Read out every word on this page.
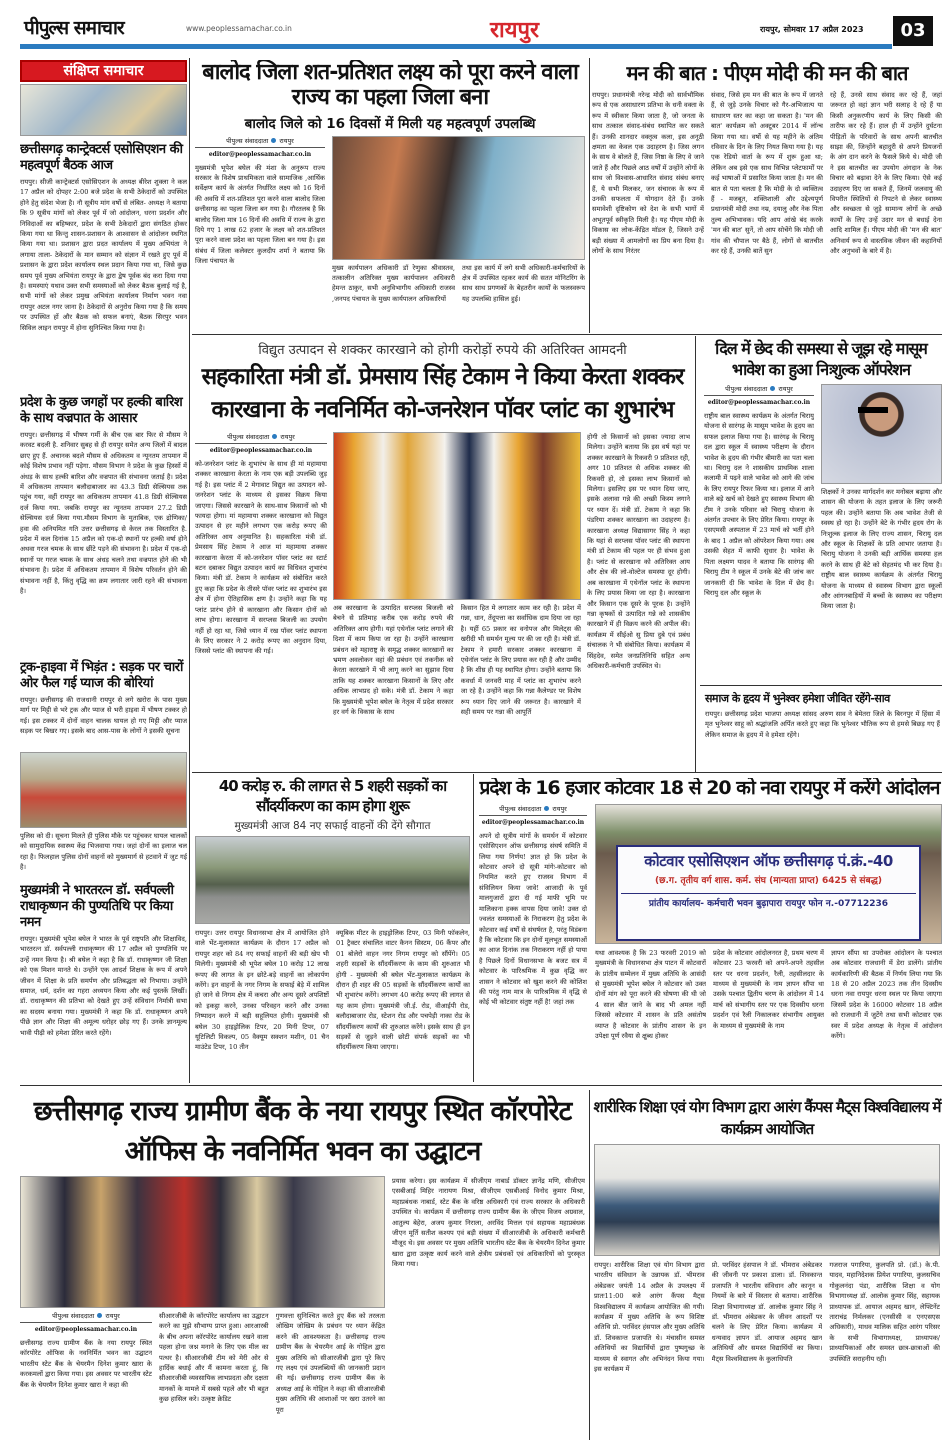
पीपुल्स समाचार	www.peoplessamachar.co.in	रायपुर	रायपुर, सोमवार 17 अप्रैल 2023	03
संक्षिप्त समाचार
छत्तीसगढ़ कान्ट्रेक्टर्स एसोसिएशन की महत्वपूर्ण बैठक आज
रायपुर। सीजी कान्ट्रेक्टर्स एसोसिएशन के अध्यक्ष बीरेश शुक्ला ने कल 17 अप्रैल को दोपहर 2:00 बजे प्रदेश के सभी ठेकेदारों को उपस्थित होने हेतु संदेश भेजा है। नौ सूत्रीय मांग वर्षो से लंबित- अध्यक्ष ने बताया कि 9 सूत्रीय मांगों को लेकर पूर्व में जो आंदोलन, धरना प्रदर्शन और निविदाओं का बहिष्कार, प्रदेश के सभी ठेकेदारों द्वारा संगठित होकर किया गया था किन्तु शासन-प्रशासन के आश्वासन से आंदोलन स्थगित किया गया था। प्रशासन द्वारा प्रदत कार्यालय में मुख्य अभियंता ने लगाया ताला- ठेकेदारों के मान सम्मान को संज्ञान में रखते हुए पूर्व में प्रशासन के द्वारा प्रदेश कार्यालय स्थल प्रदान किया गया था, जिसे कुछ समय पूर्व मुख्य अभियंता रायपुर के द्वारा द्वेष पूर्वक बंद करा दिया गया है। समस्याएं यथाव उक्त सभी समस्याओं को लेकर बैठक बुलाई गई है, सभी मांगों को लेकर प्रमुख अभियंता कार्यालय निर्माण भवन नवा रायपुर अटल नगर जाना है। ठेकेदारों से अनुरोध किया गया है कि समय पर उपस्थित हों और बैठक को सफल बनाएं, बैठक सिरपुर भवन सिविल लाइन रायपुर में होना सुनिश्चित किया गया है।
प्रदेश के कुछ जगहों पर हल्की बारिश के साथ वज्रपात के आसार
रायपुर। छत्तीसगढ़ में भीषण गर्मी के बीच एक बार फिर से मौसम ने करवट बदली है. शनिवार सुबह से ही रायपुर समेत अन्य जिलों में बादल छाए हुए हैं. अचानक बदले मौसम से अधिकतम व न्यूनतम तापमान में कोई विशेष प्रभाव नहीं पड़ेगा. मौसम विभाग ने प्रदेश के कुछ हिस्सों में अंधड़ के साथ हल्की बारिश और वज्रपात की संभावना जताई है। प्रदेश में अधिकतम तापमान बलौदाबाजार का 43.3 डिग्री सेल्सियस तक पहुंच गया, वहीं रायपुर का अधिकतम तापमान 41.8 डिग्री सेल्सियस दर्ज किया गया. जबकि रायपुर का न्यूनतम तापमान 27.2 डिग्री सेल्सियस दर्ज किया गया.मौसम विभाग के मुताबिक, एक द्रोणिका/ हवा की अनियमित गति उत्तर छत्तीसगढ़ से केरल तक विस्तारित है. प्रदेश में कल दिनांक 15 अप्रैल को एक-दो स्थानों पर हल्की वर्षा होने अथवा गरज चमक के साथ छींटे पड़ने की संभावना है। प्रदेश में एक-दो स्थानों पर गरज चमक के साथ अंधड़ चलने तथा वज्रपात होने की भी संभावना है। प्रदेश में अधिकतम तापमान में विशेष परिवर्तन होने की संभावना नहीं है, किंतु वृद्धि का क्रम लगातार जारी रहने की संभावना है।
ट्रक-हाइवा में भिड़ंत : सड़क पर चारों ओर फैल गई प्याज की बोरियां
रायपुर। छत्तीसगढ़ की राजधानी रायपुर से लगे खरोरा के पास मुख्य मार्ग पर मिट्टी से भरे ट्रक और प्याज से भरी हाइवा में भीषण टक्कर हो गई। इस टक्कर में दोनों वाहन चालक घायल हो गए मिट्टी और प्याज सड़क पर बिखर गए। इसके बाद आस-पास के लोगों ने इसकी सूचना
पुलिस को दी। सूचना मिलते ही पुलिस मौके पर पहुंचकर घायल चालकों को सामुदायिक स्वास्थ्य केंद्र भिजवाया गया। जहां दोनों का इलाज चल रहा है। फिलहाल पुलिस दोनों वाहनों को मुख्यमार्ग से हटवाने में जुट गई है।
मुख्यमंत्री ने भारतरत्न डॉ. सर्वपल्ली राधाकृष्णन की पुण्यतिथि पर किया नमन
रायपुर। मुख्यमंत्री भूपेश बघेल ने भारत के पूर्व राष्ट्रपति और शिक्षाविद, भारतरत्न डॉ. सर्वपल्ली राधाकृष्णन की 17 अप्रैल को पुण्यतिथि पर उन्हें नमन किया है। श्री बघेल ने कहा है कि डॉ. राधाकृष्णन जी शिक्षा को एक मिशन मानते थे। उन्होंने एक आदर्श शिक्षक के रूप में अपने जीवन में शिक्षा के प्रति समर्पण और प्रतिबद्धता को निभाया। उन्होंने समाज, धर्म, दर्शन का गहरा अध्ययन किया और कई पुस्तकें लिखीं। डॉ. राधाकृष्णन की प्रतिभा को देखते हुए उन्हें संविधान निर्मात्री सभा का सदस्य बनाया गया। मुख्यमंत्री ने कहा कि डॉ. राधाकृष्णन अपने पीछे ज्ञान और शिक्षा की अमूल्य धरोहर छोड़ गए हैं। उनके ज्ञानमूल्य भावी पीढ़ी को हमेशा प्रेरित करते रहेंगे।
बालोद जिला शत-प्रतिशत लक्ष्य को पूरा करने वाला राज्य का पहला जिला बना
बालोद जिले को 16 दिवसों में मिली यह महत्वपूर्ण उपलब्धि
पीपुल्स संवाददाता रायपुर
editor@peoplessamachar.co.in
मुख्यमंत्री भूपेश बघेल की मंशा के अनुरूप राज्य सरकार के विशेष प्राथमिकता वाले सामाजिक ,आर्थिक सर्वेक्षण कार्य के अंतर्गत निर्धारित लक्ष्य को 16 दिनों की अवधि में शत-प्रतिशत पूरा करने वाला बालोद जिला छत्तीसगढ़ का पहला जिला बन गया है। गौरतलब है कि बालोद जिला मात्र 16 दिनों की अवधि में राज्य के द्वारा दिये गए 1 लाख 62 हजार के लक्ष्य को शत-प्रतिशत पूरा करने वाला प्रदेश का पहला जिला बन गया है। इस संबंध में जिला कलेक्टर कुलदीप शर्मा ने बताया कि जिला पंचायत के
मुख्य कार्यपालन अधिकारी डॉ रेणुका श्रीवास्तव, तत्कालीन अतिरिक्त मुख्य कार्यपालन अधिकारी हेमन्त ठाकुर, सभी अनुविभागीय अधिकारी राजस्व ,जनपद पंचायत के मुख्य कार्यपालन अधिकारियों
तथा इस कार्य में लगे सभी अधिकारी-कर्मचारियों के क्षेत्र में उपस्थित रहकर कार्य की सतत मॉनिटरिंग के साथ साथ प्रगणकों के बेहतरीन कार्यों के फलस्वरूप यह उपलब्धि हासिल हुई।
मन की बात : पीएम मोदी की मन की बात
रायपुर। प्रधानमंत्री नरेन्द्र मोदी को सार्वभौमिक रूप से एक असाधारण प्रतिभा के धनी वक्ता के रूप में स्वीकार किया जाता है, जो जनता के साथ तत्काल संवाद-संबंध स्थापित कर सकते हैं। उनकी शानदार वक्तृत्व कला, इस अनूठी क्षमता का केवल एक उदाहरण है। जिस लगन के साथ वे बोलते हैं, जिस निष्ठा के लिए वे जाने जाते हैं और पिछले आठ वर्षों में उन्होंने लोगों के साथ जो विश्वास-आधारित संवाद संबंध बनाए हैं, ये सभी मिलकर, जन संचारक के रूप में उनकी सफलता में योगदान देते हैं। उनके समावेशी दृष्टिकोण को देश के सभी भागों में अभूतपूर्व स्वीकृति मिली है। यह पीएम मोदी के विकास का लोक-केंद्रित मॉडल है, जिसने उन्हें बड़ी संख्या में आमलोगों का प्रिय बना दिया है। लोगों के साथ निरंतर
संवाद, जिसे हम मन की बात के रूप में जानते हैं, से जुड़े उनके विचार को गैर-अभिजात्य या साधारण स्तर का कहा जा सकता है। 'मन की बात' कार्यक्रम को अक्टूबर 2014 में लॉन्च किया गया था। वर्षो से यह महीने के अंतिम रविवार के दिन के लिए नियत किया गया है। यह एक रेडियो वार्ता के रूप में शुरू हुआ था; लेकिन अब इसे एक साथ विभिन्न प्लेटफार्मों पर कई भाषाओं में प्रसारित किया जाता है। मन की बात से पता चलता है कि मोदी के दो व्यक्तित्व हैं - मजबूत, शक्तिशाली और उद्देश्यपूर्ण प्रधानमंत्री मोदी तथा नम्र, दयालु और नेक पिता तुल्य अभिभावक। यदि आप आंखे बंद करके 'मन की बात' सुनें, तो आप सोचेंगे कि मोदी जी गांव की चौपाल पर बैठे हैं, लोगों से बातचीत कर रहे हैं, उनकी बातें सुन
रहे हैं, उनसे साथ संवाद कर रहे हैं, जहां जरूरत हो वहां ज्ञान भरी सलाह दे रहे हैं या किसी अनुकरणीय कार्य के लिए किसी की तारीफ कर रहे हैं। हाल ही में उन्होंने दुर्घटना पीड़ितों के परिवारों के साथ अपनी बातचीत साझा की, जिन्होंने बहादुरी से अपने प्रियजनों के अंग दान करने के फैसले किये थे। मोदी जी ने इस बातचीत का उपयोग अंगदान के नेक विचार को बढ़ावा देने के लिए किया। ऐसे कई उदाहरण दिए जा सकते हैं, जिनमें जलवायु की विपरीत स्थितियों से निपटने से लेकर स्वास्थ्य और स्वच्छता से जुड़े सामान्य लोगों के अच्छे कार्यों के लिए उन्हें उदार मन से बधाई देना आदि शामिल हैं। पीएम मोदी की 'मन की बात' अनिवार्य रूप से वास्तविक जीवन की कहानियों और अनुभवों के बारे में है।
विद्युत उत्पादन से शक्कर कारखाने को होगी करोड़ों रुपये की अतिरिक्त आमदनी
सहकारिता मंत्री डॉ. प्रेमसाय सिंह टेकाम ने किया केरता शक्कर कारखाना के नवनिर्मित को-जनरेशन पॉवर प्लांट का शुभारंभ
पीपुल्स संवाददाता रायपुर
editor@peoplessamachar.co.in
को-जनरेशन प्लांट के शुभारंभ के साथ ही मां महामाया शक्कर कारखाना केरता के नाम एक बड़ी उपलब्धि जुड़ गई है। इस प्लांट में 2 मेगावाट विद्युत का उत्पादन को-जनरेशन प्लांट के माध्यम से इसका विक्रय किया जाएगा। जिससे कारखाने के साथ-साथ किसानों को भी फायदा होगा। मां महामाया शक्कर कारखाना को विद्युत उत्पादन से हर महीने लगभग एक करोड़ रूपए की अतिरिक्त आय अनुमानित है। सहकारिता मंत्री डॉ. प्रेमसाय सिंह टेकाम ने आज मां महामाया शक्कर कारखाना केरता में को-जनरेशन पॉवर प्लांट का स्टार्ट बटन दबाकर विद्युत उत्पादन कार्य का विधिवत शुभारंभ किया। मंत्री डॉ. टेकाम ने कार्यक्रम को संबोधित करते हुए कहा कि प्रदेश के तीसरे पॉवर प्लांट का शुभारंभ इस क्षेत्र में होना ऐतिहासिक क्षण है। उन्होंने कहा कि यह प्लांट प्रारंभ होने से कारखाना और किसान दोनों को लाभ होगा। कारखाना में सरप्लस बिजली का उपयोग नहीं हो रहा था, जिसे ध्यान में रख पॉवर प्लांट स्थापना के लिए सरकार ने 2 करोड़ रूपए का अनुदान दिया, जिससे प्लांट की स्थापना की गई।
अब कारखाना के उत्पादित सरप्लस बिजली को बेचने से प्रतिमाह करीब एक करोड़ रुपये की अतिरिक्त आय होगी। यहां एथेनॉल प्लांट लगाने की दिशा में काम किया जा रहा है। उन्होंने कारखाना प्रबंधन को महाराष्ट्र के समृद्ध शक्कर कारखानों का भ्रमण अवलोकन वहां की प्रबंधन एवं तकनीक को केरता कारखाने में भी लागू करने का सुझाव दिया ताकि यह शक्कर कारखाना किसानों के लिए और अधिक लाभप्रद हो सके। मंत्री डॉ. टेकाम ने कहा कि मुख्यमंत्री भूपेश बघेल के नेतृत्व में प्रदेश सरकार हर वर्ग के विकास के साथ
किसान हित मे लगातार काम कर रही है। प्रदेश में गन्ना, धान, तेंदूपत्ता का सर्वाधिक दाम दिया जा रहा है। यहीं 65 प्रकार का वनोपज और मिलेट्स की खरीदी भी समर्थन मूल्य पर की जा रही है। मंत्री डॉ. टेकाम ने हमारी सरकार शक्कर कारखाना में एथेनॉल प्लांट के लिए प्रयास कर रही है और उम्मीद है कि शीघ्र ही यह स्थापित होगा। उन्होंने बताया कि कवर्धा में जनवरी माह में प्लांट का शुभारंभ करने जा रहे है। उन्होंने कहा कि गन्ना कैलेण्डर पर विशेष रूप ध्यान दिए जाने की जरूरत है। कारखाने में सही समय पर गन्ना की आपूर्ति
होगी तो किसानों को इसका ज्यादा लाभ मिलेगा। उन्होंने बताया कि इस वर्ष यहां पर शक्कर कारखाने के रिकवरी 9 प्रतिशत रही, अगर 10 प्रतिशत से अधिक शक्कर की रिकवरी हो, तो इसका लाभ किसानों को मिलेगा। इसलिए इस पर ध्यान दिया जाए, इसके अलावा गन्ने की अच्छी किस्म लगाने पर ध्यान दें। मंत्री डॉ. टेकाम ने कहा कि पंडरिया शक्कर कारखाना का उदाहरण है। कारखाना अध्यक्ष विद्यासागर सिंह ने कहा कि यहां से सरप्लस पॉवर प्लांट की स्थापना मंत्री डॉ टेकाम की पहल पर ही संभव हुआ है। प्लांट से कारखाना को अतिरिक्त आय और क्षेत्र की लो-वोल्टेज समस्या दूर होगी। अब कारखाना में एथेनॉल प्लांट के स्थापना के लिए प्रयास किया जा रहा है। कारखाना और किसान एक दूसरे के पूरक है। उन्होंने गन्ना कृषकों से उत्पादित गन्ने को शासकीय कारखाने में ही विक्रय करने की अपील की। कार्यक्रम में सीईओ सु प्रिया दुबे एवं प्रबंध संचालक ने भी संबोधित किया। कार्यक्रम में सिंहदेव, समेत जनप्रतिनिधि सहित अन्य अधिकारी-कर्मचारी उपस्थित थे।
दिल में छेद की समस्या से जूझ रहे मासूम भावेश का हुआ निःशुल्क ऑपरेशन
पीपुल्स संवाददाता रायपुर
editor@peoplessamachar.co.in
राष्ट्रीय बाल स्वास्थ्य कार्यक्रम के अंतर्गत चिरायु योजना से सारंगढ़ के मासूम भावेश के हृदय का सफल इलाज किया गया है। सारंगढ़ के चिरायु दल द्वारा स्कूल में स्वास्थ्य परीक्षण के दौरान भावेश के हृदय की गंभीर बीमारी का पता चला था। चिरायु दल ने शासकीय प्राथमिक शाला कलामी में पढ़ने वाले भावेश को आगे की जांच के लिए रायपुर रिफर किया था। इलाज में आने वाले बड़े खर्च को देखते हुए स्वास्थ्य विभाग की टीम ने उनके परिवार को चिरायु योजना के अंतर्गत उपचार के लिए प्रेरित किया। रायपुर के एसएमसी अस्पताल में 23 मार्च को भर्ती होने के बाद 1 अप्रैल को ऑपरेशन किया गया। अब उसकी सेहत में काफी सुधार है। भावेश के पिता लक्ष्मण यादव ने बताया कि सारंगढ़ की चिरायु टीम ने स्कूल में उनके बेटे की जांच कर जानकारी दी कि भावेश के दिल में छेद है। चिरायु दल और स्कूल के
शिक्षकों ने उनका मार्गदर्शन कर मनोबल बढ़ाया और शासन की योजना के तहत इलाज के लिए जरूरी पहल की। उन्होंने बताया कि अब भावेश तेजी से स्वस्थ हो रहा है। उन्होंने बेटे के गंभीर हृदय रोग के निःशुल्क इलाज के लिए राज्य शासन, चिरायु दल और स्कूल के शिक्षकों के प्रति आभार जताया है। चिरायु योजना ने उनकी बड़ी आर्थिक समस्या हल करने के साथ ही बेटे को सेहतमंद भी कर दिया है। राष्ट्रीय बाल स्वास्थ्य कार्यक्रम के अंतर्गत चिरायु योजना के माध्यम से स्वास्थ्य विभाग द्वारा स्कूलों और आंगनबाड़ियों में बच्चों के स्वास्थ्य का परीक्षण किया जाता है।
समाज के हृदय में भुनेश्वर हमेशा जीवित रहेंगे-साव
रायपुर। छत्तीसगढ़ प्रदेश भाजपा अध्यक्ष सांसद अरुण साव ने बेमेतरा जिले के बिरनपुर में हिंसा में मृत भुनेश्वर साहू को श्रद्धांजलि अर्पित करते हुए कहा कि भुनेश्वर भौतिक रूप से हमसे बिछड़ गए हैं लेकिन समाज के हृदय में वे हमेशा रहेंगे।
40 करोड़ रु. की लागत से 5 शहरी सड़कों का सौंदर्यीकरण का काम होगा शुरू
मुख्यमंत्री आज 84 नए सफाई वाहनों की देंगे सौगात
रायपुर। उत्तर रायपुर विधानसभा क्षेत्र में आयोजित होने वाले भेंट-मुलाकात कार्यक्रम के दौरान 17 अप्रैल को रायपुर शहर को 84 नए सफाई वाहनों की बड़ी खेप भी मिलेगी। मुख्यमंत्री श्री भूपेश बघेल 10 करोड़ 12 लाख रूपए की लागत के इन छोटे-बड़े वाहनों का लोकार्पण करेंगे। इन वाहनों के नगर निगम के सफाई बेड़े में शामिल हो जाने से निगम क्षेत्र में कचरा और अन्य दूसरे अपशिष्टों को इकट्ठा करने, उनका परिवहन करने और उनका निष्पादन करने में बड़ी सहूलियत होगी। मुख्यमंत्री श्री बघेल 30 हाइड्रोलिक टिपर, 20 मिनी टिपर, 07 यूटिलिटी विकल्प, 05 वैक्यूम सक्शन मशीन, 01 चैन माउंटेड टिपर, 10 तीन
क्यूबिक मीटर के हाइड्रोलिक टिपर, 03 मिनी फॉकलेन, 01 ट्रैक्टर संचालित वाटर कैनन सिस्टम, 06 कैंपर और 01 बोलेरो वाहन नगर निगम रायपुर को सौंपेंगे। 05 शहरी सड़कों के सौंदर्यीकरण के काम की शुरुआत भी होगी - मुख्यमंत्री श्री बघेल भेंट-मुलाकात कार्यक्रम के दौरान ही शहर की 05 सड़कों के सौंदर्यीकरण कार्यों का भी शुभारंभ करेंगे। लगभग 40 करोड़ रूपए की लागत से यह काम होगा। मुख्यमंत्री जी.ई. रोड, वीआईपी रोड, बलौदाबाजार रोड, स्टेशन रोड और पचपेड़ी नाका रोड के सौंदर्यीकरण कार्यों की शुरुआत करेंगे। इसके साथ ही इन सड़कों से जुड़ने वाली छोटी संपर्क सड़कों का भी सौंदर्यीकरण किया जाएगा।
प्रदेश के 16 हजार कोटवार 18 से 20 को नवा रायपुर में करेंगे आंदोलन
पीपुल्स संवाददाता रायपुर
editor@peoplessamachar.co.in
अपने दो सूत्रीय मांगों के समर्थन में कोटवार एसोसिएशन ऑफ छत्तीसगढ़ संघर्ष समिति में लिया गया निर्णय! ज्ञात हो कि प्रदेश के कोटवार अपने दो सूत्री मांगेः-कोटवार को नियमित करते हुए राजस्व विभाग में संविलियन किया जावे! आजादी के पूर्व मालगुजारों द्वारा दी गई माफी भूमि पर मालिकाना हक्क वापस दिया जावे! उक्त दो ज्वलंत समस्याओं के निराकरण हेतु प्रदेश के कोटवार कई वर्षों से संघर्षरत है, परंतु विडंबना है कि कोटवार कि इन दोनों मूलभूत समस्याओं का आज दिनांक तक निराकरण नहीं हो पाया है पिछले दिनों विधानसभा के बजट सत्र में कोटवार के पारिश्रमिक में कुछ वृद्धि कर शासन ने कोटवार को खुश करने की कोशिश की परंतु नाम मात्र के पारिश्रमिक में वृद्धि से कोई भी कोटवार संतुष्ट नहीं है! जहां तक
कोटवार एसोसिएशन ऑफ छत्तीसगढ़ पं.क्रं.-40
(छ.ग. तृतीय वर्ग शास. कर्म. संघ (मान्यता प्राप्त) 6425 से संबद्ध)
प्रांतीय कार्यालय- कर्मचारी भवन बुढ़ापारा रायपुर फोन न.-07712236
यथा आवश्यक है कि 23 फरवरी 2019 को मुख्यमंत्री के विधानसभा क्षेत्र पाटन में कोटवारों के प्रांतीय सम्मेलन में मुख्य अतिथि के आसंदी से मुख्यमंत्री भूपेश बघेल ने कोटवार को उक्त दोनों मांग को पूरा करने की घोषणा की थी जो 4 साल बीत जाने के बाद भी अमल नहीं जिससे कोटवार में शासन के प्रति असंतोष व्याप्त है कोटवार के प्रांतीय शासन के इन उपेक्षा पूर्ण रवैया से क्षुब्ध होकर
प्रदेश के कोटवार आंदोलनरत है, प्रथम चरण में कोटवार 23 फरवरी को अपने-अपने तहसील स्तर पर धरना प्रदर्शन, रैली, तहसीलदार के माध्यम से मुख्यमंत्री के नाम ज्ञापन सौंपा था उसके पश्चात द्वितीय चरण के आंदोलन में 14 मार्च को संभागीय स्तर पर एक दिवसीय धरना प्रदर्शन एवं रैली निकालकर संभागीय आयुक्त के माध्यम से मुख्यमंत्री के नाम
ज्ञापन सौंपा था उपरोक्त आंदोलन के पश्चात अब कोटवार राजधानी में डेरा डालेंगे। प्रांतीय कार्यकारिणी की बैठक में निर्णय लिया गया कि 18 से 20 अप्रैल 2023 तक तीन दिवसीय धरना नवा रायपुर धरना स्थल पर किया जाएगा जिसमें प्रदेश के 16000 कोटवार 18 अप्रैल को राजधानी में जुटेंगे तथा सभी कोटवार एक स्वर में प्रदेश अध्यक्ष के नेतृत्व में आंदोलन करेंगे।
छत्तीसगढ़ राज्य ग्रामीण बैंक के नया रायपुर स्थित कॉरपोरेट ऑफिस के नवनिर्मित भवन का उद्घाटन
पीपुल्स संवाददाता रायपुर
editor@peoplessamachar.co.in
छत्तीसगढ़ राज्य ग्रामीण बैंक के नया रायपुर स्थित कॉरपोरेट ऑफिस के नवनिर्मित भवन का उद्घाटन भारतीय स्टेट बैंक के चेयरमैन दिनेश कुमार खारा के करकमलों द्वारा किया गया। इस अवसर पर भारतीय स्टेट बैंक के चेयरमैन दिनेश कुमार खारा ने कहा की
सीआरजीबी के कॉरपोरेट कार्यालय का उद्घाटन करने का मुझे सौभाग्य प्राप्त हुआ। आरआरबी के बीच अपना कॉरपोरेट कार्यालय रखने वाला पहला होना जश्न मनाने के लिए एक मील का पत्थर है। सीआरजीबी टीम को मेरी ओर से हार्दिक बधाई और मैं कामना करता हूं, कि सीआरजीबी व्यवसायिक लाभप्रदता और दक्षता मानकों के मामले में सबसे पहले और भी बहुत कुछ हासिल करे। उत्कृष्ट क्रेडिट
गुणवत्ता सुनिश्चित करते हुए बैंक को तरलता जोखिम जोखिम के प्रबंधन पर ध्यान केंद्रित करने की आवश्यकता है। छत्तीसगढ़ राज्य ग्रामीण बैंक के चेयरमैन आई के गोहिल द्वारा मुख्य अतिथि को सीआरजीबी द्वारा पूरे किए गए लक्ष्य एवं उपलब्धियों की जानकारी प्रदान की गई। छत्तीसगढ़ राज्य ग्रामीण बैंक के अध्यक्ष आई के गोहिल ने कहा की सीआरजीबी मुख्य अतिथि की आशाओं पर खरा उतरने का पूरा
प्रयास करेगा। इस कार्यक्रम में सीजीएम नाबार्ड डॉक्टर ज्ञानेंद्र मणि, सीजीएम एसबीआई मिहिर नारायण मिश्रा, सीजीएम एसबीआई विनोद कुमार मिश्रा, महाप्रबंधक नाबार्ड, स्टेट बैंक के वरिष्ठ अधिकारी एवं राज्य सरकार के अधिकारी उपस्थित थे। कार्यक्रम में छत्तीसगढ़ राज्य ग्रामीण बैंक के जीएम विजय अग्रवाल, आतुल्य बेहेरा, अजय कुमार निराला, अरविंद मित्तल एवं सहायक महाप्रबंधक जीएन मूर्ति सतीश कश्यप एवं बड़ी संख्या में सीआरजीबी के अधिकारी कर्मचारी मौजूद थे। इस अवसर पर मुख्य अतिथि भारतीय स्टेट बैंक के चेयरमैन दिनेश कुमार खारा द्वारा उत्कृष्ट कार्य करने वाले क्षेत्रीय प्रबंधकों एवं अधिकारियों को पुरस्कृत किया गया।
शारीरिक शिक्षा एवं योग विभाग द्वारा आरंग कैंपस मैट्स विश्वविद्यालय में कार्यक्रम आयोजित
रायपुर। शारीरिक शिक्षा एवं योग विभाग द्वारा भारतीय संविधान के उन्नायक डॉ. भीमराव अंबेडकर जयंती 14 अप्रैल के उपलक्ष्य में प्रातः11:00 बजे आरंग कैंपस मैट्स विश्वविद्यालय में कार्यक्रम आयोजित की गयी। कार्यक्रम में मुख्य अतिथि के रूप विशिष्ट अतिथि प्रो. परविंदर हंसपाल और मुख्य अतिथि डॉ. शिवकान्त प्रजापति थे। मंचासीन समस्त अतिथियों का विद्यार्थियों द्वारा पुष्पगुच्छ के माध्यम से स्वागत और अभिनंदन किया गया। इस कार्यक्रम में
प्रो. परविंदर हंसपाल ने डॉ. भीमराव अंबेडकर की जीवनी पर प्रकाश डाला। डॉ. शिवकान्त प्रजापति ने भारतीय संविधान और कानून व नियमों के बारे में विस्तार से बताया। शारीरिक शिक्षा विभागाध्यक्ष डॉ. आलोक कुमार सिंह ने डॉ. भीमराव अंबेडकर के जीवन आदर्शों पर चलने के लिए प्रेरित किया। कार्यक्रम में धन्यवाद ज्ञापन डॉ. आयाज अहमद खान अतिथियों और समस्त विद्यार्थियों का किया। मैट्स विश्वविद्यालय के कुलाधिपति
गजराज पगारिया, कुलपति प्रो. (डॉ.) के.पी. यादव, महानिदेशक प्रियेश पगारिया, कुलसचिव गोकुलनंदा पंडा, शारीरिक शिक्षा व योग विभागाध्यक्ष डॉ. आलोक कुमार सिंह, सहायक प्राध्यापक डॉ. आयाज अहमद खान, लेफ्टिनेंट ताराचंद्र निर्मलकर (एनसीसी व एनएसएस अधिकारी), माधव मालिक सहित आरंग परिसर के सभी विभागाध्यक्ष, प्राध्यापक/ प्राध्यापिकाओं और समस्त छात्र-छात्राओं की उपस्थिति सराहनीय रही।
